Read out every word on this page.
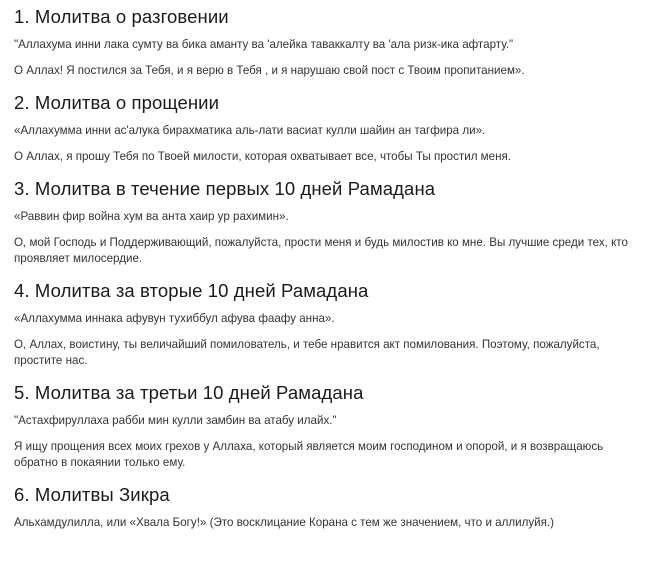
1. Молитва о разговении

"Аллахума инни лака сумту ва бика аманту ва 'алейка таваккалту ва 'ала ризк-ика афтарту."

О Аллах! Я постился за Тебя, и я верю в Тебя , и я нарушаю свой пост с Твоим пропитанием».

2. Молитва о прощении

«Аллахумма инни ас'алука бирахматика аль-лати васиат кулли шайин ан тагфира ли».

О Аллах, я прошу Тебя по Твоей милости, которая охватывает все, чтобы Ты простил меня.

3. Молитва в течение первых 10 дней Рамадана

«Раввин фир война хум ва анта хаир ур рахимин».

О, мой Господь и Поддерживающий, пожалуйста, прости меня и будь милостив ко мне. Вы лучшие среди тех, кто проявляет милосердие.

4. Молитва за вторые 10 дней Рамадана

«Аллахумма иннака афувун тухиббул афува фаафу анна».

О, Аллах, воистину, ты величайший помилователь, и тебе нравится акт помилования. Поэтому, пожалуйста, простите нас.

5. Молитва за третьи 10 дней Рамадана

"Астахфируллаха рабби мин кулли замбин ва атабу илайх."

Я ищу прощения всех моих грехов у Аллаха, который является моим господином и опорой, и я возвращаюсь обратно в покаянии только ему.

6. Молитвы Зикра

Альхамдулилла, или «Хвала Богу!» (Это восклицание Корана с тем же значением, что и аллилуйя.)
